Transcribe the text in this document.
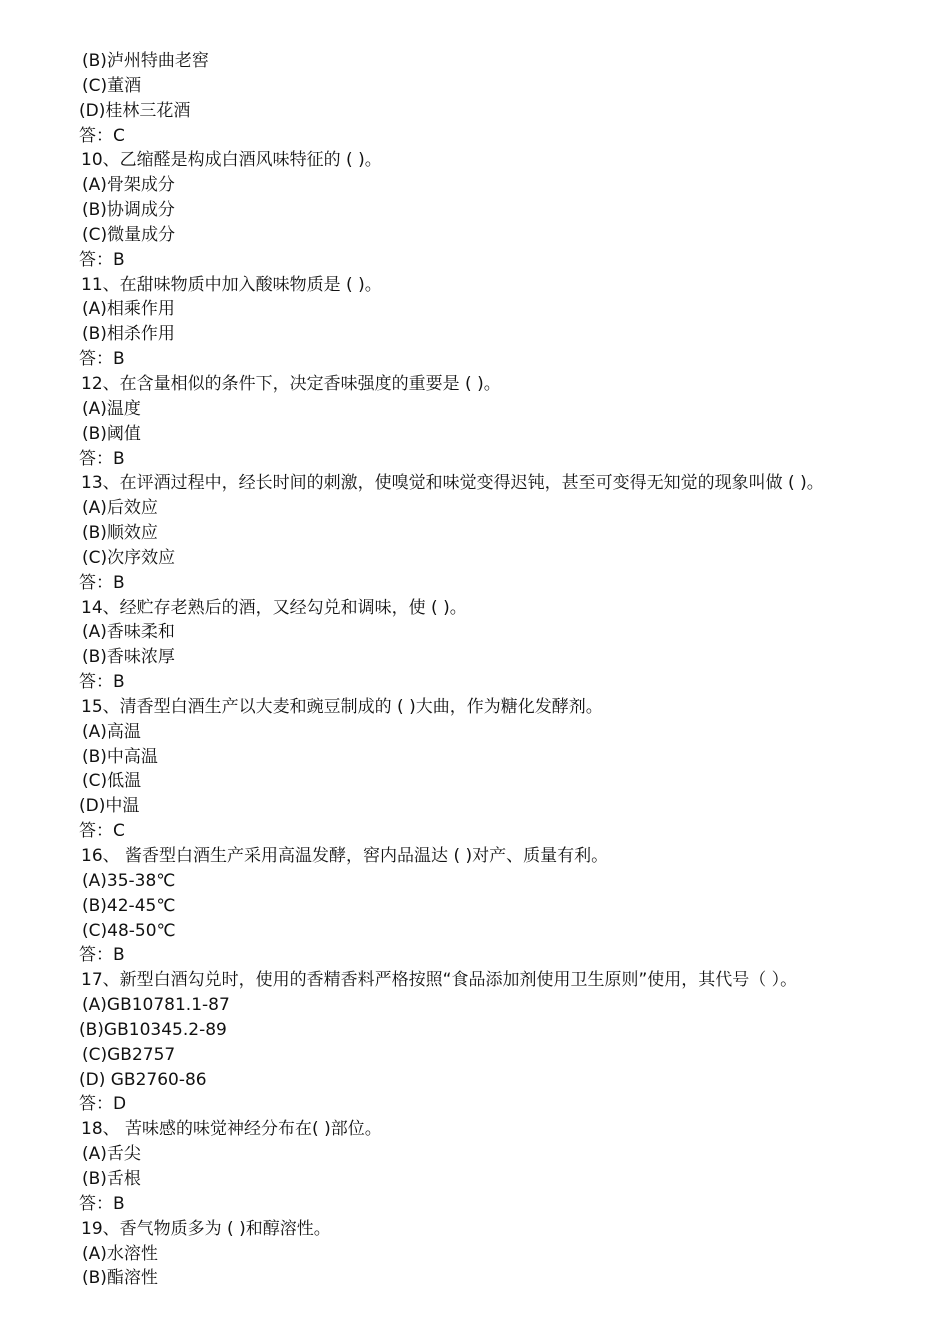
(B)泸州特曲老窖
(C)董酒
(D)桂林三花酒
答：C
10、乙缩醛是构成白酒风味特征的 ( )。
(A)骨架成分
(B)协调成分
(C)微量成分
答：B
11、在甜味物质中加入酸味物质是 ( )。
(A)相乘作用
(B)相杀作用
答：B
12、在含量相似的条件下，决定香味强度的重要是 ( )。
(A)温度
(B)阈值
答：B
13、在评酒过程中，经长时间的刺激，使嗅觉和味觉变得迟钝，甚至可变得无知觉的现象叫做 ( )。
(A)后效应
(B)顺效应
(C)次序效应
答：B
14、经贮存老熟后的酒，又经勾兑和调味，使 ( )。
(A)香味柔和
(B)香味浓厚
答：B
15、清香型白酒生产以大麦和豌豆制成的 ( )大曲，作为糖化发酵剂。
(A)高温
(B)中高温
(C)低温
(D)中温
答：C
16、 酱香型白酒生产采用高温发酵，窖内品温达 ( )对产、质量有利。
(A)35-38℃
(B)42-45℃
(C)48-50℃
答：B
17、新型白酒勾兑时，使用的香精香料严格按照“食品添加剂使用卫生原则”使用，其代号（ ）。
(A)GB10781.1-87
(B)GB10345.2-89
(C)GB2757
(D) GB2760-86
答：D
18、 苦味感的味觉神经分布在( )部位。
(A)舌尖
(B)舌根
答：B
19、香气物质多为 ( )和醇溶性。
(A)水溶性
(B)酯溶性
